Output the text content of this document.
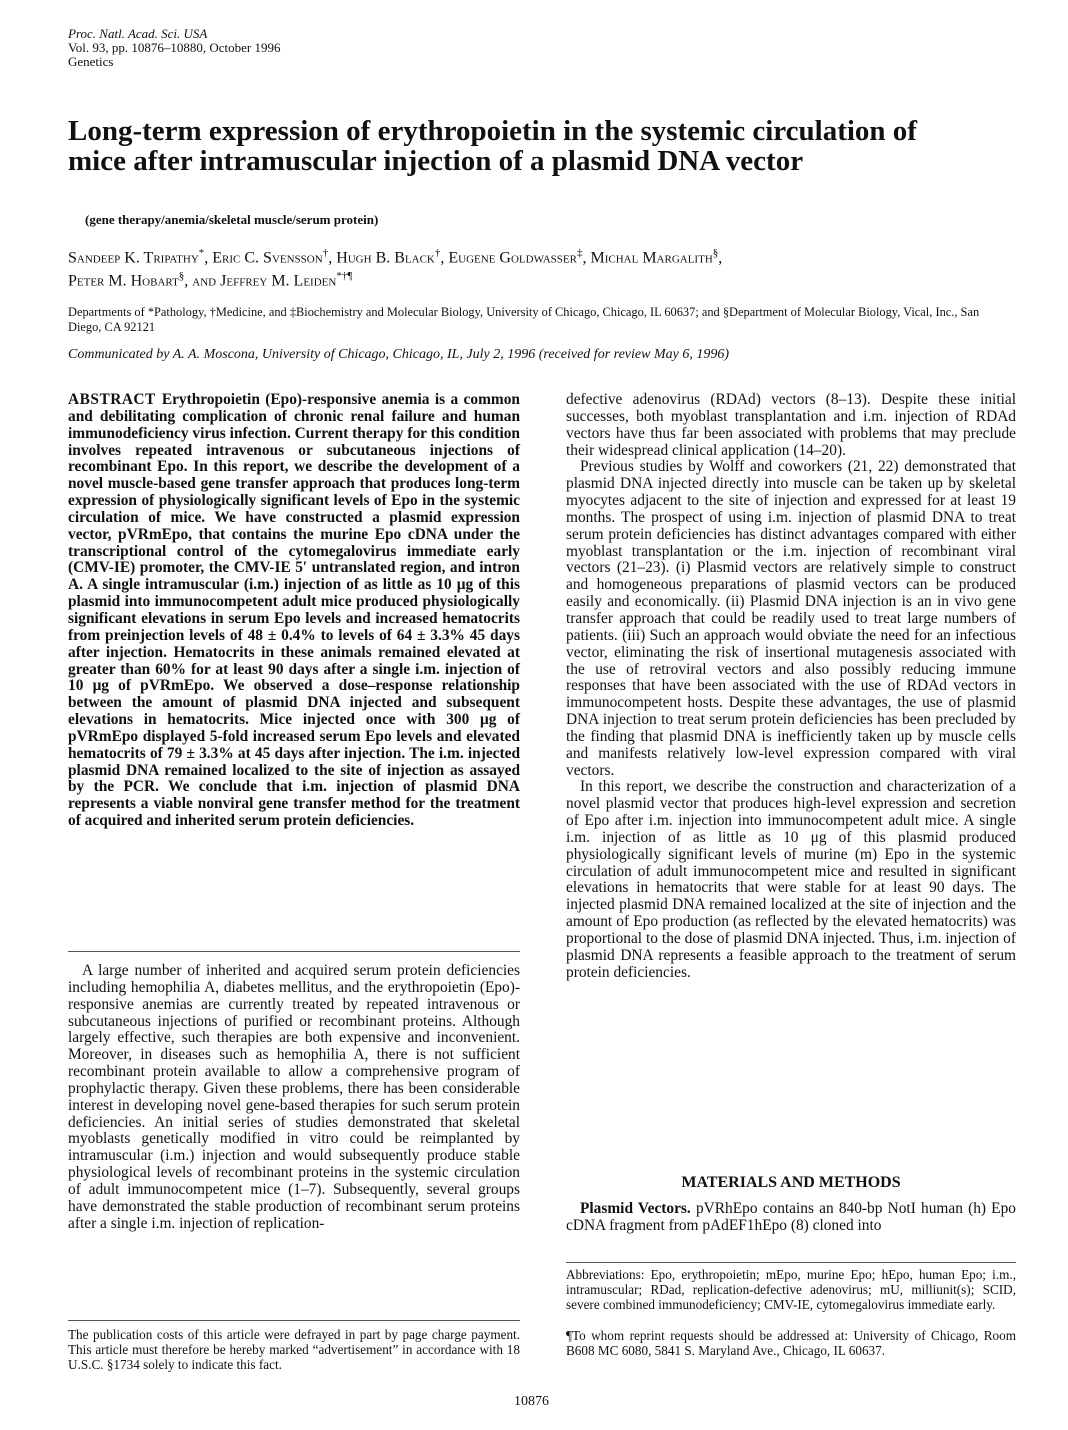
Proc. Natl. Acad. Sci. USA
Vol. 93, pp. 10876–10880, October 1996
Genetics
Long-term expression of erythropoietin in the systemic circulation of mice after intramuscular injection of a plasmid DNA vector
(gene therapy/anemia/skeletal muscle/serum protein)
Sandeep K. Tripathy*, Eric C. Svensson†, Hugh B. Black†, Eugene Goldwasser‡, Michal Margalith§,
Peter M. Hobart§, and Jeffrey M. Leiden*†¶
Departments of *Pathology, †Medicine, and ‡Biochemistry and Molecular Biology, University of Chicago, Chicago, IL 60637; and §Department of Molecular Biology, Vical, Inc., San Diego, CA 92121
Communicated by A. A. Moscona, University of Chicago, Chicago, IL, July 2, 1996 (received for review May 6, 1996)
ABSTRACT Erythropoietin (Epo)-responsive anemia is a common and debilitating complication of chronic renal failure and human immunodeficiency virus infection. Current therapy for this condition involves repeated intravenous or subcutaneous injections of recombinant Epo. In this report, we describe the development of a novel muscle-based gene transfer approach that produces long-term expression of physiologically significant levels of Epo in the systemic circulation of mice. We have constructed a plasmid expression vector, pVRmEpo, that contains the murine Epo cDNA under the transcriptional control of the cytomegalovirus immediate early (CMV-IE) promoter, the CMV-IE 5′ untranslated region, and intron A. A single intramuscular (i.m.) injection of as little as 10 μg of this plasmid into immunocompetent adult mice produced physiologically significant elevations in serum Epo levels and increased hematocrits from preinjection levels of 48 ± 0.4% to levels of 64 ± 3.3% 45 days after injection. Hematocrits in these animals remained elevated at greater than 60% for at least 90 days after a single i.m. injection of 10 μg of pVRmEpo. We observed a dose–response relationship between the amount of plasmid DNA injected and subsequent elevations in hematocrits. Mice injected once with 300 μg of pVRmEpo displayed 5-fold increased serum Epo levels and elevated hematocrits of 79 ± 3.3% at 45 days after injection. The i.m. injected plasmid DNA remained localized to the site of injection as assayed by the PCR. We conclude that i.m. injection of plasmid DNA represents a viable nonviral gene transfer method for the treatment of acquired and inherited serum protein deficiencies.

A large number of inherited and acquired serum protein deficiencies including hemophilia A, diabetes mellitus, and the erythropoietin (Epo)-responsive anemias are currently treated by repeated intravenous or subcutaneous injections of purified or recombinant proteins. Although largely effective, such therapies are both expensive and inconvenient. Moreover, in diseases such as hemophilia A, there is not sufficient recombinant protein available to allow a comprehensive program of prophylactic therapy. Given these problems, there has been considerable interest in developing novel gene-based therapies for such serum protein deficiencies. An initial series of studies demonstrated that skeletal myoblasts genetically modified in vitro could be reimplanted by intramuscular (i.m.) injection and would subsequently produce stable physiological levels of recombinant proteins in the systemic circulation of adult immunocompetent mice (1–7). Subsequently, several groups have demonstrated the stable production of recombinant serum proteins after a single i.m. injection of replication-

The publication costs of this article were defrayed in part by page charge payment. This article must therefore be hereby marked “advertisement” in accordance with 18 U.S.C. §1734 solely to indicate this fact.

defective adenovirus (RDAd) vectors (8–13). Despite these initial successes, both myoblast transplantation and i.m. injection of RDAd vectors have thus far been associated with problems that may preclude their widespread clinical application (14–20).

Previous studies by Wolff and coworkers (21, 22) demonstrated that plasmid DNA injected directly into muscle can be taken up by skeletal myocytes adjacent to the site of injection and expressed for at least 19 months. The prospect of using i.m. injection of plasmid DNA to treat serum protein deficiencies has distinct advantages compared with either myoblast transplantation or the i.m. injection of recombinant viral vectors (21–23). (i) Plasmid vectors are relatively simple to construct and homogeneous preparations of plasmid vectors can be produced easily and economically. (ii) Plasmid DNA injection is an in vivo gene transfer approach that could be readily used to treat large numbers of patients. (iii) Such an approach would obviate the need for an infectious vector, eliminating the risk of insertional mutagenesis associated with the use of retroviral vectors and also possibly reducing immune responses that have been associated with the use of RDAd vectors in immunocompetent hosts. Despite these advantages, the use of plasmid DNA injection to treat serum protein deficiencies has been precluded by the finding that plasmid DNA is inefficiently taken up by muscle cells and manifests relatively low-level expression compared with viral vectors.

In this report, we describe the construction and characterization of a novel plasmid vector that produces high-level expression and secretion of Epo after i.m. injection into immunocompetent adult mice. A single i.m. injection of as little as 10 μg of this plasmid produced physiologically significant levels of murine (m) Epo in the systemic circulation of adult immunocompetent mice and resulted in significant elevations in hematocrits that were stable for at least 90 days. The injected plasmid DNA remained localized at the site of injection and the amount of Epo production (as reflected by the elevated hematocrits) was proportional to the dose of plasmid DNA injected. Thus, i.m. injection of plasmid DNA represents a feasible approach to the treatment of serum protein deficiencies.

MATERIALS AND METHODS

Plasmid Vectors. pVRhEpo contains an 840-bp NotI human (h) Epo cDNA fragment from pAdEF1hEpo (8) cloned into

Abbreviations: Epo, erythropoietin; mEpo, murine Epo; hEpo, human Epo; i.m., intramuscular; RDad, replication-defective adenovirus; mU, milliunit(s); SCID, severe combined immunodeficiency; CMV-IE, cytomegalovirus immediate early.
¶To whom reprint requests should be addressed at: University of Chicago, Room B608 MC 6080, 5841 S. Maryland Ave., Chicago, IL 60637.
10876
